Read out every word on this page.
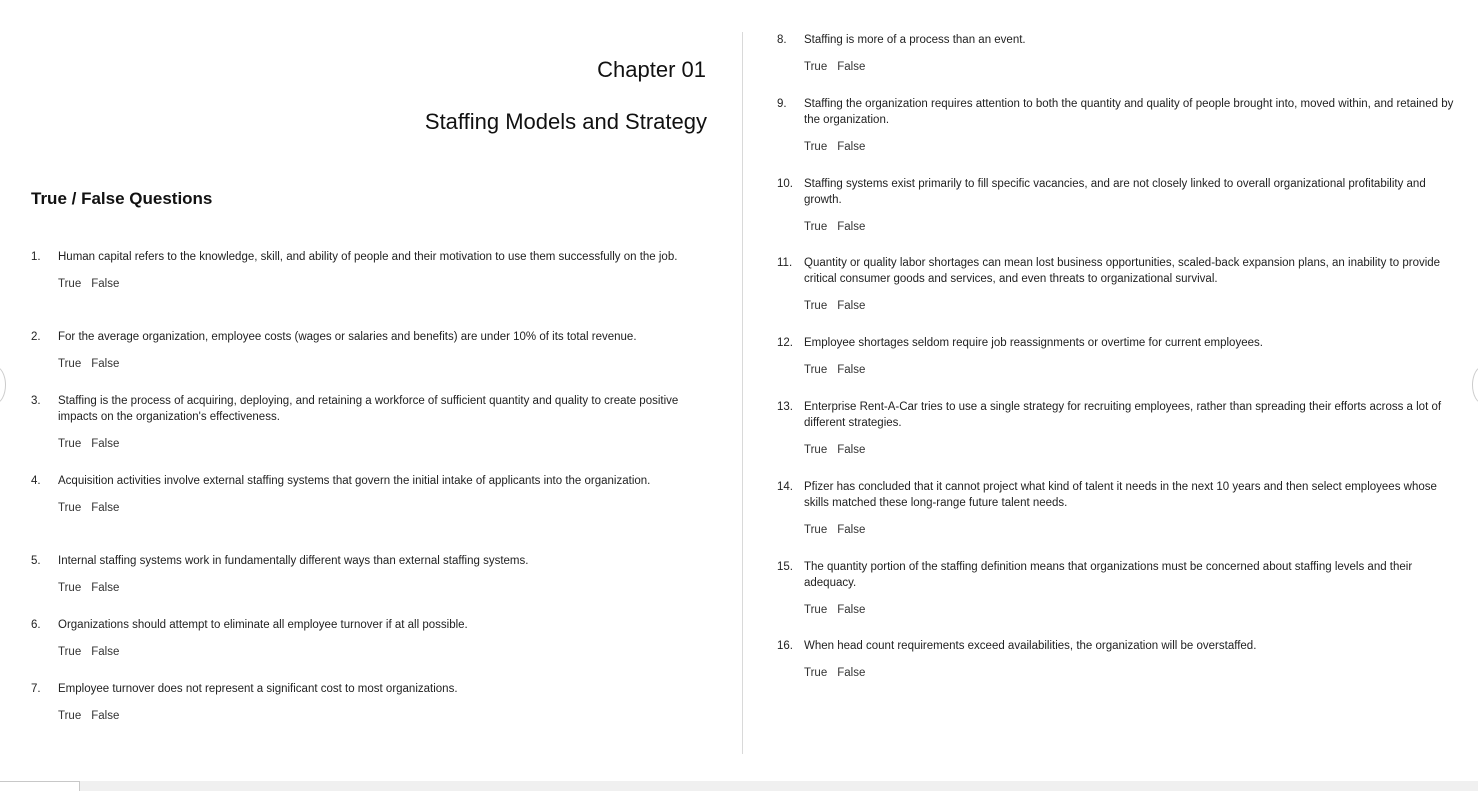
Chapter 01
Staffing Models and Strategy
True / False Questions
1.	Human capital refers to the knowledge, skill, and ability of people and their motivation to use them successfully on the job.
True False
2.	For the average organization, employee costs (wages or salaries and benefits) are under 10% of its total revenue.
True False
3.	Staffing is the process of acquiring, deploying, and retaining a workforce of sufficient quantity and quality to create positive impacts on the organization's effectiveness.
True False
4.	Acquisition activities involve external staffing systems that govern the initial intake of applicants into the organization.
True False
5.	Internal staffing systems work in fundamentally different ways than external staffing systems.
True False
6.	Organizations should attempt to eliminate all employee turnover if at all possible.
True False
7.	Employee turnover does not represent a significant cost to most organizations.
True False
8.	Staffing is more of a process than an event.
True False
9.	Staffing the organization requires attention to both the quantity and quality of people brought into, moved within, and retained by the organization.
True False
10. Staffing systems exist primarily to fill specific vacancies, and are not closely linked to overall organizational profitability and growth.
True False
11.	Quantity or quality labor shortages can mean lost business opportunities, scaled-back expansion plans, an inability to provide critical consumer goods and services, and even threats to organizational survival.
True False
12. Employee shortages seldom require job reassignments or overtime for current employees.
True False
13. Enterprise Rent-A-Car tries to use a single strategy for recruiting employees, rather than spreading their efforts across a lot of different strategies.
True False
14. Pfizer has concluded that it cannot project what kind of talent it needs in the next 10 years and then select employees whose skills matched these long-range future talent needs.
True False
15. The quantity portion of the staffing definition means that organizations must be concerned about staffing levels and their adequacy.
True False
16. When head count requirements exceed availabilities, the organization will be overstaffed.
True False
